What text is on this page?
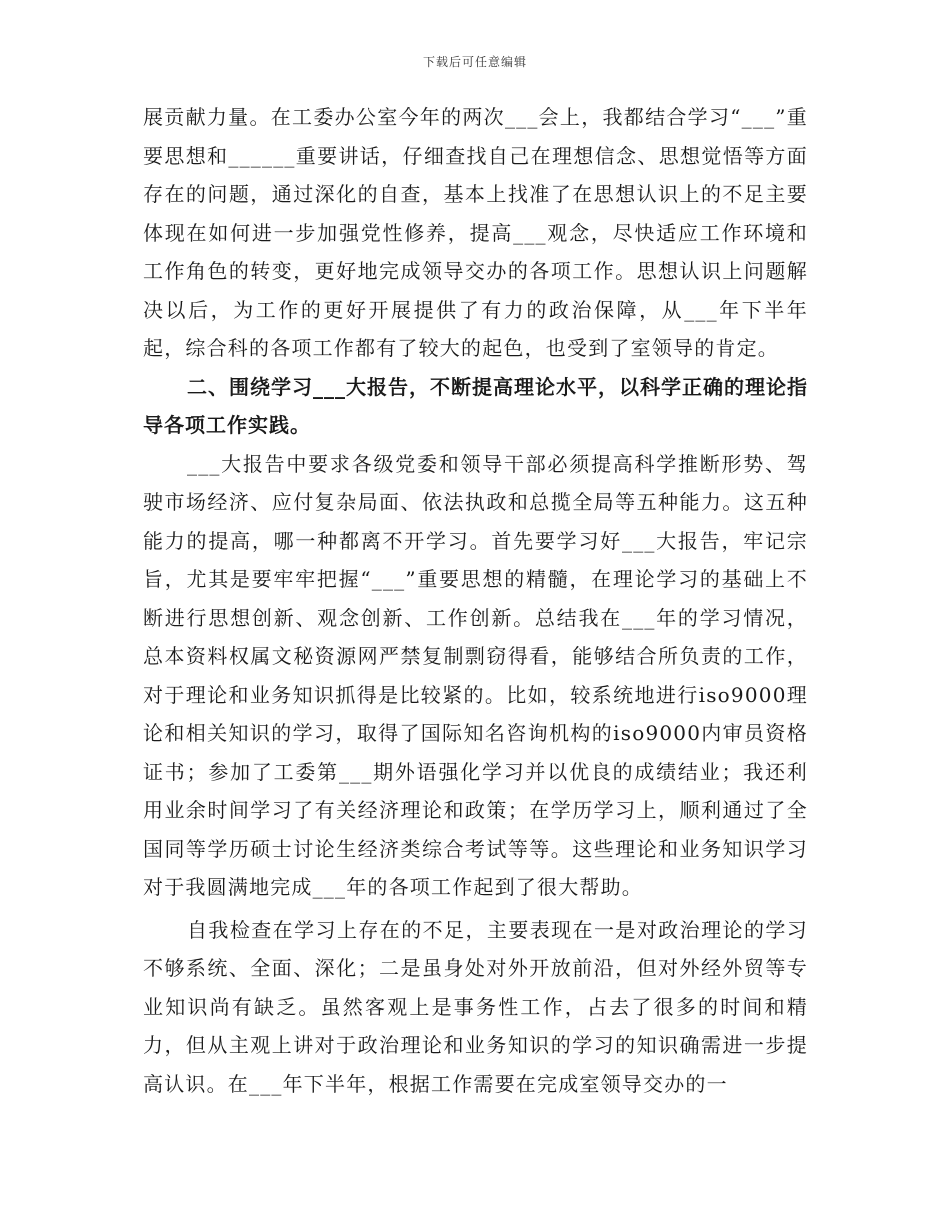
下载后可任意编辑

展贡献力量。在工委办公室今年的两次___会上，我都结合学习“___”重要思想和______重要讲话，仔细查找自己在理想信念、思想觉悟等方面存在的问题，通过深化的自查，基本上找准了在思想认识上的不足主要体现在如何进一步加强党性修养，提高___观念，尽快适应工作环境和工作角色的转变，更好地完成领导交办的各项工作。思想认识上问题解决以后，为工作的更好开展提供了有力的政治保障，从___年下半年起，综合科的各项工作都有了较大的起色，也受到了室领导的肯定。

二、围绕学习___大报告，不断提高理论水平，以科学正确的理论指导各项工作实践。

___大报告中要求各级党委和领导干部必须提高科学推断形势、驾驶市场经济、应付复杂局面、依法执政和总揽全局等五种能力。这五种能力的提高，哪一种都离不开学习。首先要学习好___大报告，牢记宗旨，尤其是要牢牢把握“___”重要思想的精髓，在理论学习的基础上不断进行思想创新、观念创新、工作创新。总结我在___年的学习情况，总本资料权属文秘资源网严禁复制剽窃得看，能够结合所负责的工作，对于理论和业务知识抓得是比较紧的。比如，较系统地进行iso9000理论和相关知识的学习，取得了国际知名咨询机构的iso9000内审员资格证书；参加了工委第___期外语强化学习并以优良的成绩结业；我还利用业余时间学习了有关经济理论和政策；在学历学习上，顺利通过了全国同等学历硕士讨论生经济类综合考试等等。这些理论和业务知识学习对于我圆满地完成___年的各项工作起到了很大帮助。

自我检查在学习上存在的不足，主要表现在一是对政治理论的学习不够系统、全面、深化；二是虽身处对外开放前沿，但对外经外贸等专业知识尚有缺乏。虽然客观上是事务性工作，占去了很多的时间和精力，但从主观上讲对于政治理论和业务知识的学习的知识确需进一步提高认识。在___年下半年，根据工作需要在完成室领导交办的一
